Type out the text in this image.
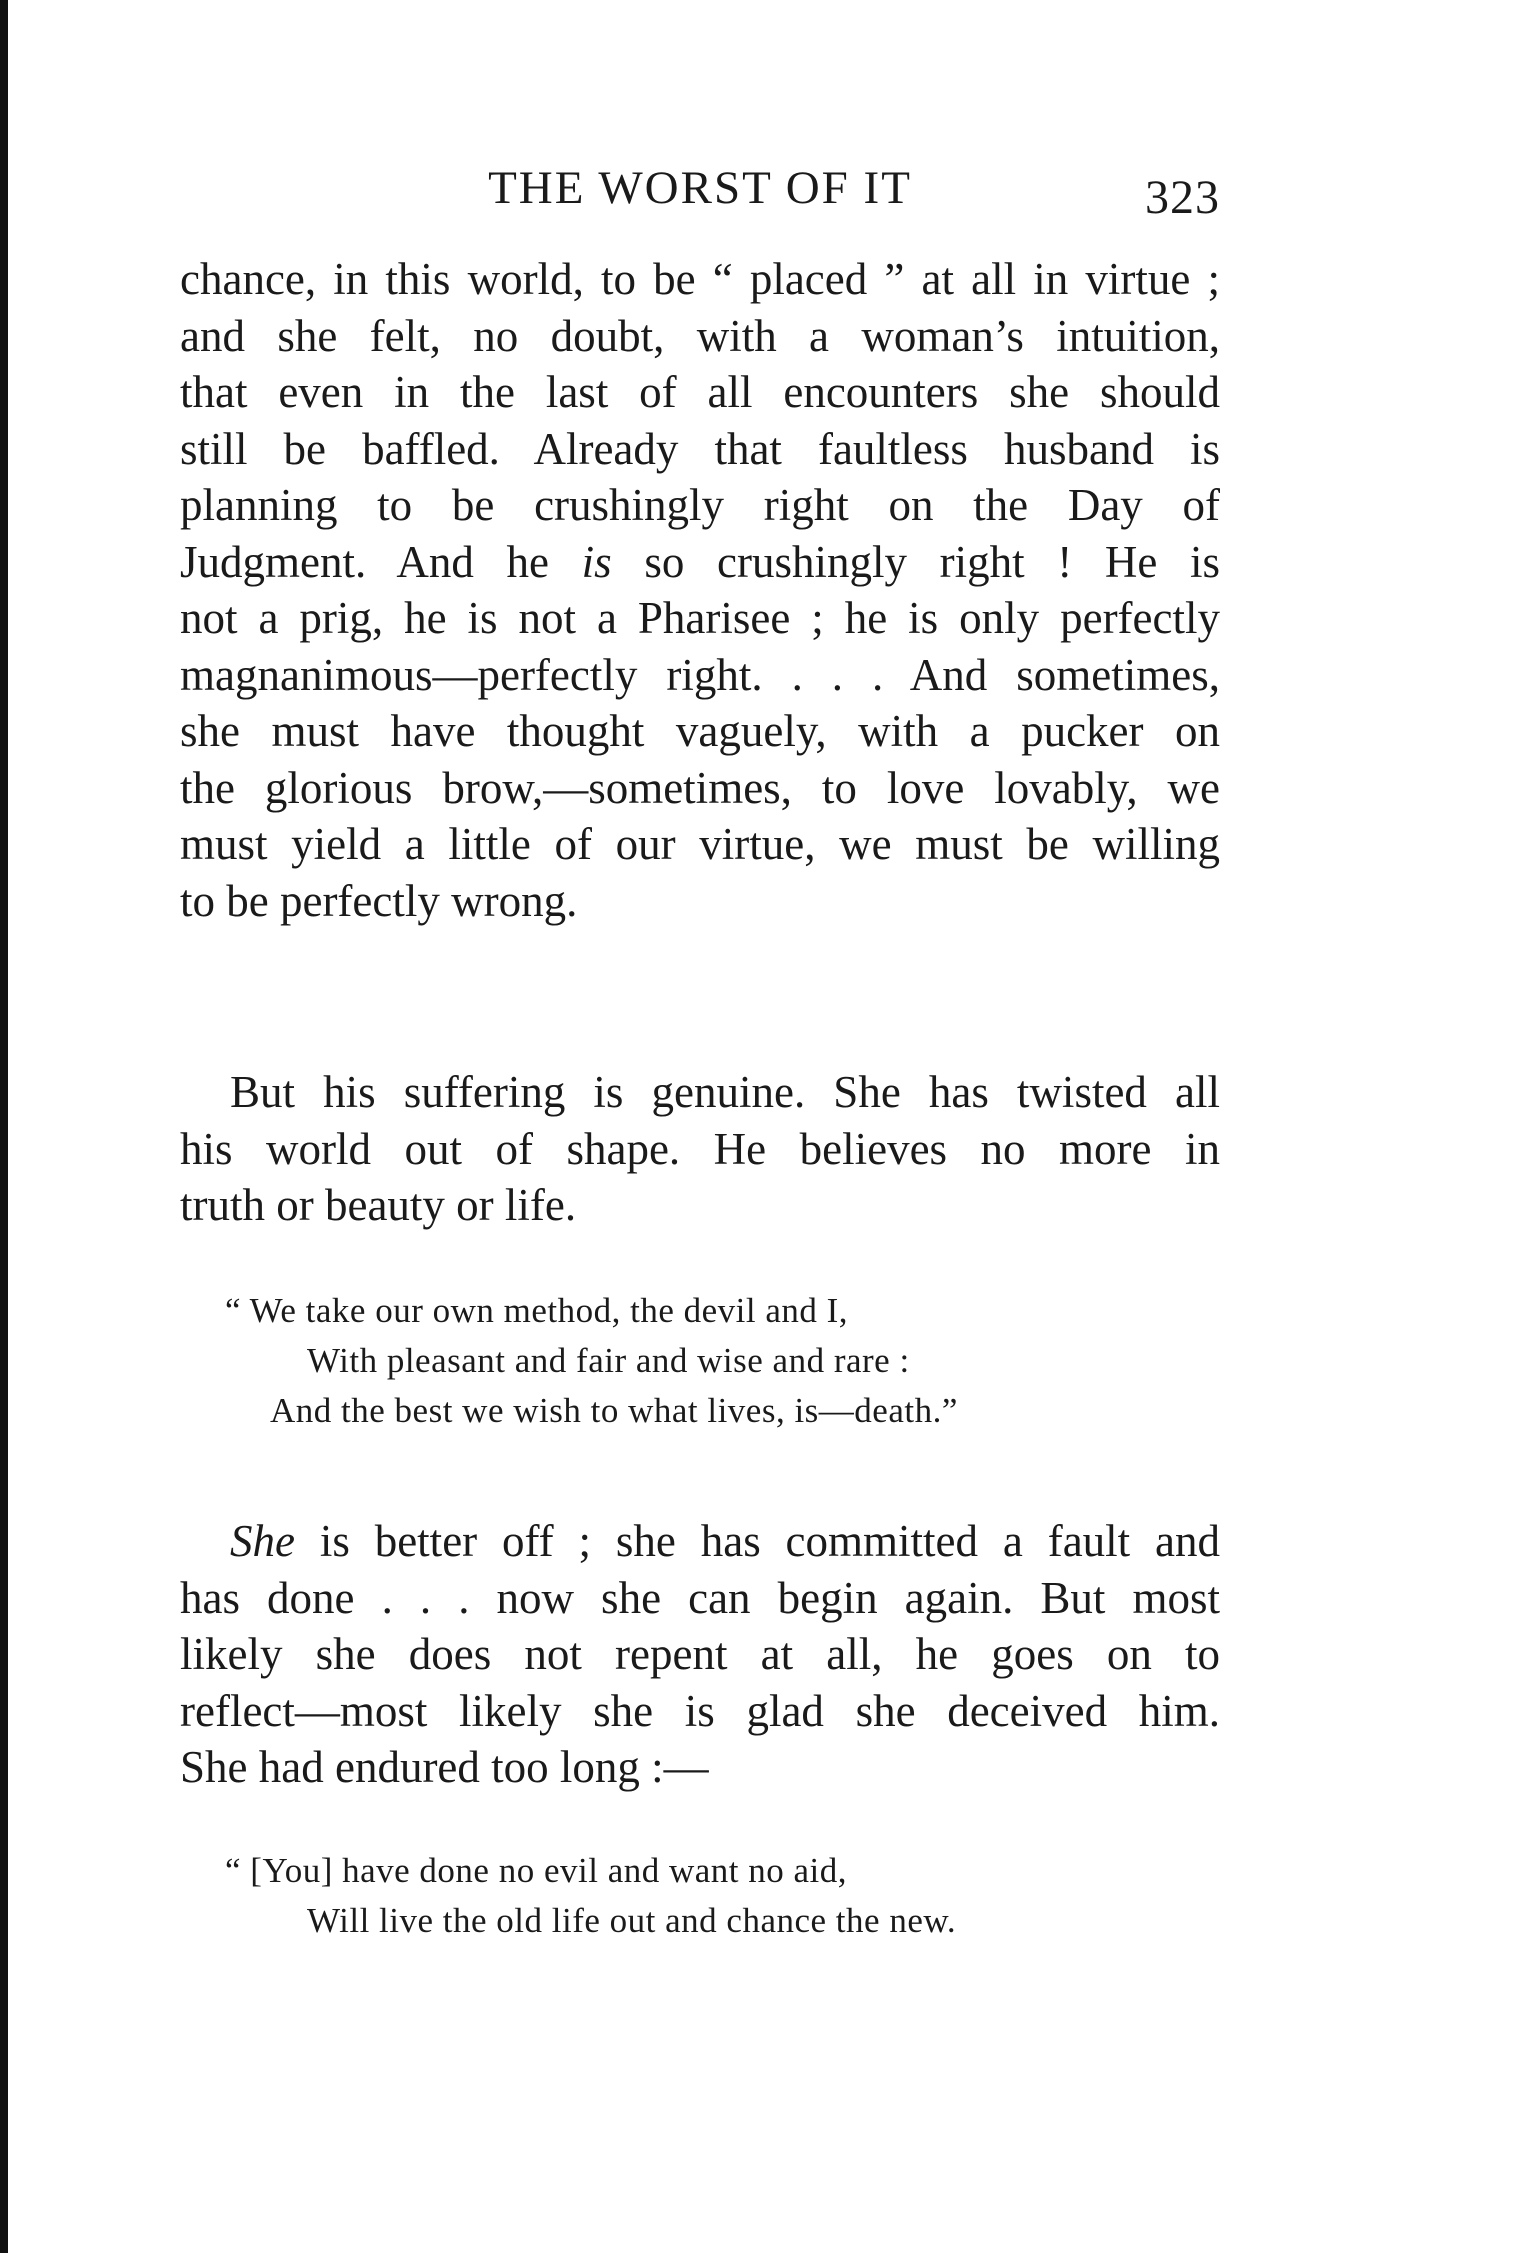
THE WORST OF IT	323
chance, in this world, to be “ placed ” at all in virtue ;
and she felt, no doubt, with a woman’s intuition,
that even in the last of all encounters she should
still be baffled. Already that faultless husband is
planning to be crushingly right on the Day of
Judgment. And he is so crushingly right ! He is
not a prig, he is not a Pharisee ; he is only perfectly
magnanimous—perfectly right. . . . And sometimes,
she must have thought vaguely, with a pucker on
the glorious brow,—sometimes, to love lovably, we
must yield a little of our virtue, we must be willing
to be perfectly wrong.
But his suffering is genuine. She has twisted all
his world out of shape. He believes no more in
truth or beauty or life.
“ We take our own method, the devil and I,
With pleasant and fair and wise and rare :
And the best we wish to what lives, is—death.”
She is better off ; she has committed a fault and
has done . . . now she can begin again. But most
likely she does not repent at all, he goes on to
reflect—most likely she is glad she deceived him.
She had endured too long :—
“ [You] have done no evil and want no aid,
Will live the old life out and chance the new.
